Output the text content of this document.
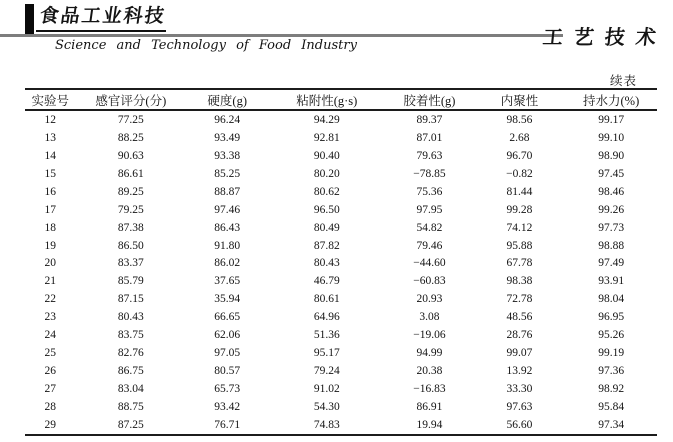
食品工业科技
工艺技术
Science and Technology of Food Industry
续表
实验号	感官评分(分)	硬度(g)	粘附性(g·s)	胶着性(g)	内聚性	持水力(%)
12	77.25	96.24	94.29	89.37	98.56	99.17
13	88.25	93.49	92.81	87.01	2.68	99.10
14	90.63	93.38	90.40	79.63	96.70	98.90
15	86.61	85.25	80.20	−78.85	−0.82	97.45
16	89.25	88.87	80.62	75.36	81.44	98.46
17	79.25	97.46	96.50	97.95	99.28	99.26
18	87.38	86.43	80.49	54.82	74.12	97.73
19	86.50	91.80	87.82	79.46	95.88	98.88
20	83.37	86.02	80.43	−44.60	67.78	97.49
21	85.79	37.65	46.79	−60.83	98.38	93.91
22	87.15	35.94	80.61	20.93	72.78	98.04
23	80.43	66.65	64.96	3.08	48.56	96.95
24	83.75	62.06	51.36	−19.06	28.76	95.26
25	82.76	97.05	95.17	94.99	99.07	99.19
26	86.75	80.57	79.24	20.38	13.92	97.36
27	83.04	65.73	91.02	−16.83	33.30	98.92
28	88.75	93.42	54.30	86.91	97.63	95.84
29	87.25	76.71	74.83	19.94	56.60	97.34
